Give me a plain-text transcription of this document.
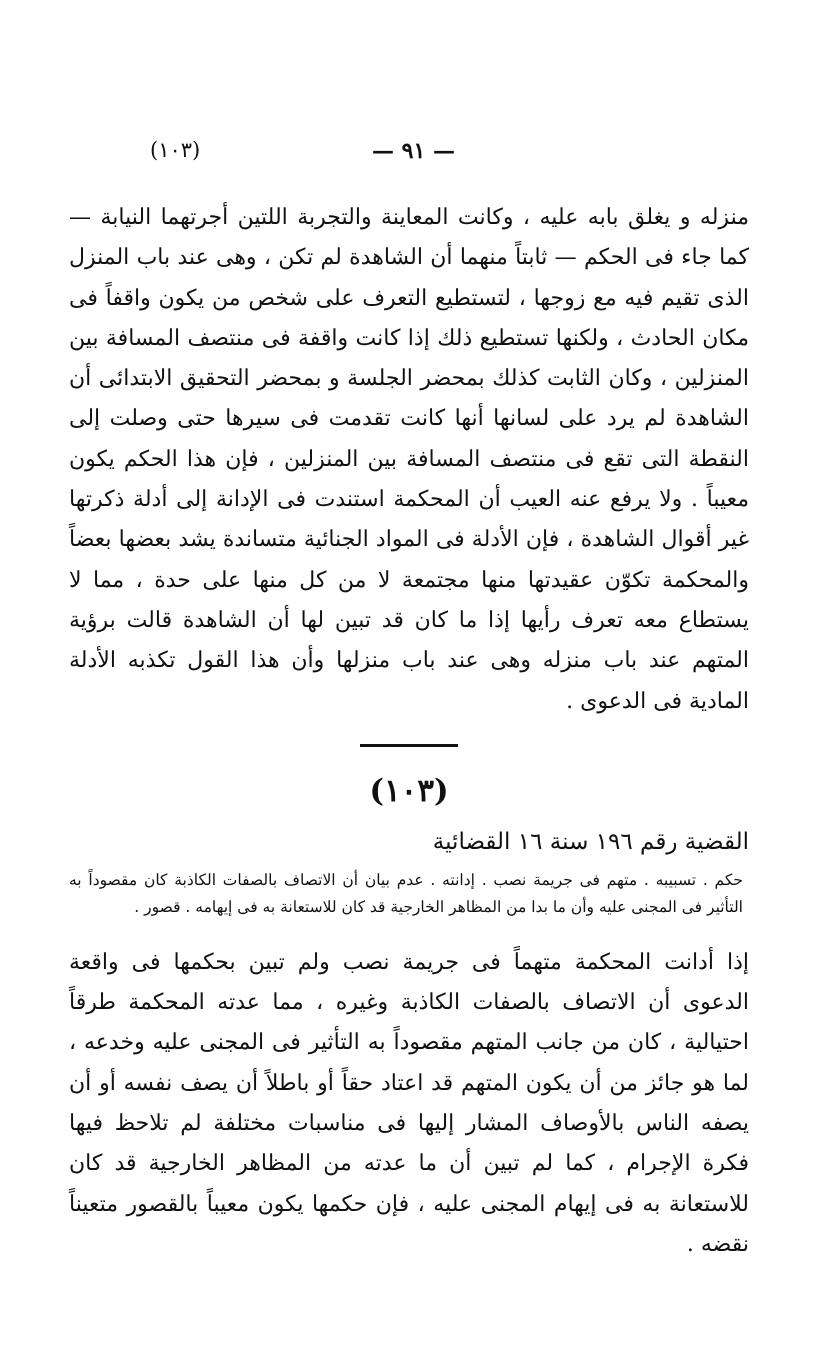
(١٠٣)	— ٩١ —

منزله و يغلق بابه عليه ، وكانت المعاينة والتجربة اللتين أجرتهما النيابة — كما جاء فى الحكم — ثابتاً منهما أن الشاهدة لم تكن ، وهى عند باب المنزل الذى تقيم فيه مع زوجها ، لتستطيع التعرف على شخص من يكون واقفاً فى مكان الحادث ، ولكنها تستطيع ذلك إذا كانت واقفة فى منتصف المسافة بين المنزلين ، وكان الثابت كذلك بمحضر الجلسة و بمحضر التحقيق الابتدائى أن الشاهدة لم يرد على لسانها أنها كانت تقدمت فى سيرها حتى وصلت إلى النقطة التى تقع فى منتصف المسافة بين المنزلين ، فإن هذا الحكم يكون معيباً . ولا يرفع عنه العيب أن المحكمة استندت فى الإدانة إلى أدلة ذكرتها غير أقوال الشاهدة ، فإن الأدلة فى المواد الجنائية متساندة يشد بعضها بعضاً والمحكمة تكوّن عقيدتها منها مجتمعة لا من كل منها على حدة ، مما لا يستطاع معه تعرف رأيها إذا ما كان قد تبين لها أن الشاهدة قالت برؤية المتهم عند باب منزله وهى عند باب منزلها وأن هذا القول تكذبه الأدلة المادية فى الدعوى .

(١٠٣)
القضية رقم ١٩٦ سنة ١٦ القضائية

حكم . تسبيبه . متهم فى جريمة نصب . إدانته . عدم بيان أن الاتصاف بالصفات الكاذبة كان مقصوداً به التأثير فى المجنى عليه وأن ما بدا من المظاهر الخارجية قد كان للاستعانة به فى إيهامه . قصور .

إذا أدانت المحكمة متهماً فى جريمة نصب ولم تبين بحكمها فى واقعة الدعوى أن الاتصاف بالصفات الكاذبة وغيره ، مما عدته المحكمة طرقاً احتيالية ، كان من جانب المتهم مقصوداً به التأثير فى المجنى عليه وخدعه ، لما هو جائز من أن يكون المتهم قد اعتاد حقاً أو باطلاً أن يصف نفسه أو أن يصفه الناس بالأوصاف المشار إليها فى مناسبات مختلفة لم تلاحظ فيها فكرة الإجرام ، كما لم تبين أن ما عدته من المظاهر الخارجية قد كان للاستعانة به فى إيهام المجنى عليه ، فإن حكمها يكون معيباً بالقصور متعيناً نقضه .
